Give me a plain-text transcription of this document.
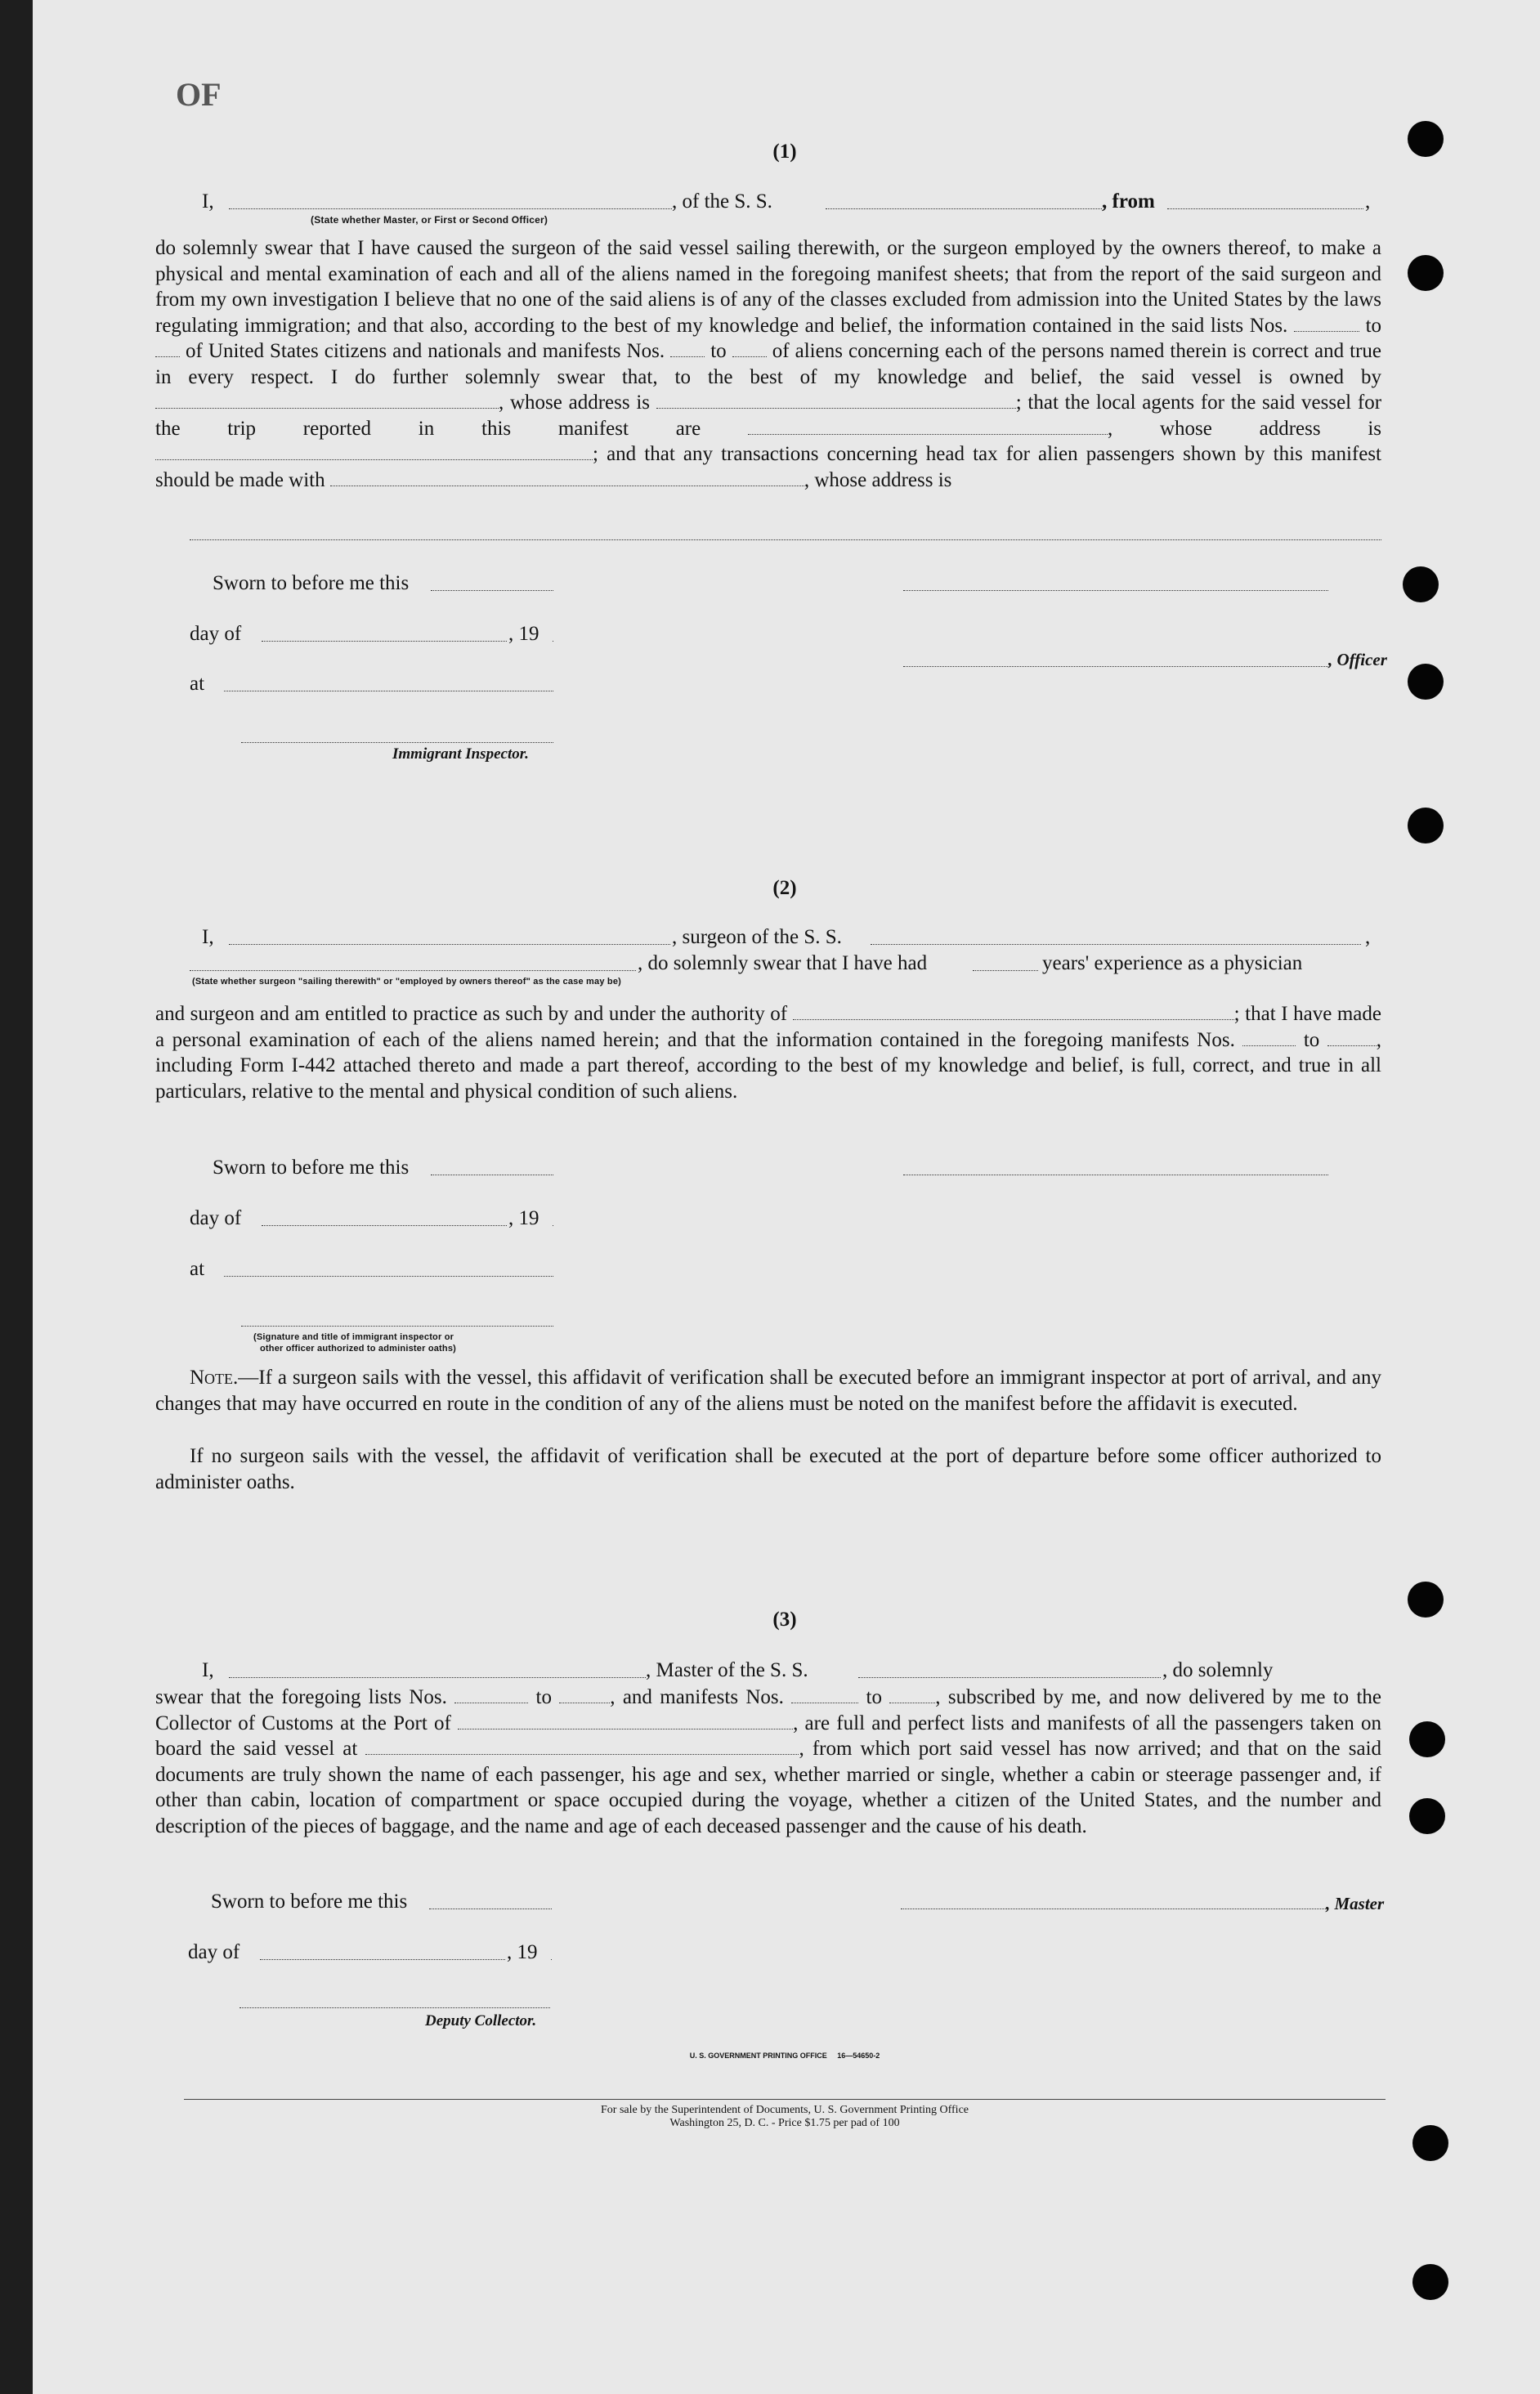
OF
(1)
I,	, of the S. S.	, from	,
(State whether Master, or First or Second Officer)
do solemnly swear that I have caused the surgeon of the said vessel sailing therewith, or the surgeon employed by the owners thereof, to make a physical and mental examination of each and all of the aliens named in the foregoing manifest sheets; that from the report of the said surgeon and from my own investigation I believe that no one of the said aliens is of any of the classes excluded from admission into the United States by the laws regulating immigration; and that also, according to the best of my knowledge and belief, the information contained in the said lists Nos.	to  of United States citizens and nationals and manifests Nos. to of aliens concerning each of the persons named therein is correct and true in every respect. I do further solemnly swear that, to the best of my knowledge and belief, the said vessel is owned by , whose address is	; that the local agents for the said vessel for the trip reported in this manifest are	, whose address is ; and that any transactions concerning head tax for alien passengers shown by this manifest should be made with	, whose address is
Sworn to before me this
day of	, 19
, Officer
at
Immigrant Inspector.
(2)
I,	, surgeon of the S. S.	,
, do solemnly swear that I have had	years' experience as a physician
(State whether surgeon "sailing therewith" or "employed by owners thereof" as the case may be)
and surgeon and am entitled to practice as such by and under the authority of	; that I have made a personal examination of each of the aliens named herein; and that the information contained in the foregoing manifests Nos.	to	, including Form I-442 attached thereto and made a part thereof, according to the best of my knowledge and belief, is full, correct, and true in all particulars, relative to the mental and physical condition of such aliens.
Sworn to before me this
day of	, 19
at
(Signature and title of immigrant inspector or
other officer authorized to administer oaths)
Note.—If a surgeon sails with the vessel, this affidavit of verification shall be executed before an immigrant inspector at port of arrival, and any changes that may have occurred en route in the condition of any of the aliens must be noted on the manifest before the affidavit is executed.
If no surgeon sails with the vessel, the affidavit of verification shall be executed at the port of departure before some officer authorized to administer oaths.
(3)
I,	, Master of the S. S.	, do solemnly
swear that the foregoing lists Nos.	to	, and manifests Nos.	to	, subscribed by me, and now delivered by me to the Collector of Customs at the Port of	, are full and perfect lists and manifests of all the passengers taken on board the said vessel at	, from which port said vessel has now arrived; and that on the said documents are truly shown the name of each passenger, his age and sex, whether married or single, whether a cabin or steerage passenger and, if other than cabin, location of compartment or space occupied during the voyage, whether a citizen of the United States, and the number and description of the pieces of baggage, and the name and age of each deceased passenger and the cause of his death.
Sworn to before me this	, Master
day of	, 19
Deputy Collector.
U. S. GOVERNMENT PRINTING OFFICE     16—54650-2
For sale by the Superintendent of Documents, U. S. Government Printing Office
Washington 25, D. C. - Price $1.75 per pad of 100
